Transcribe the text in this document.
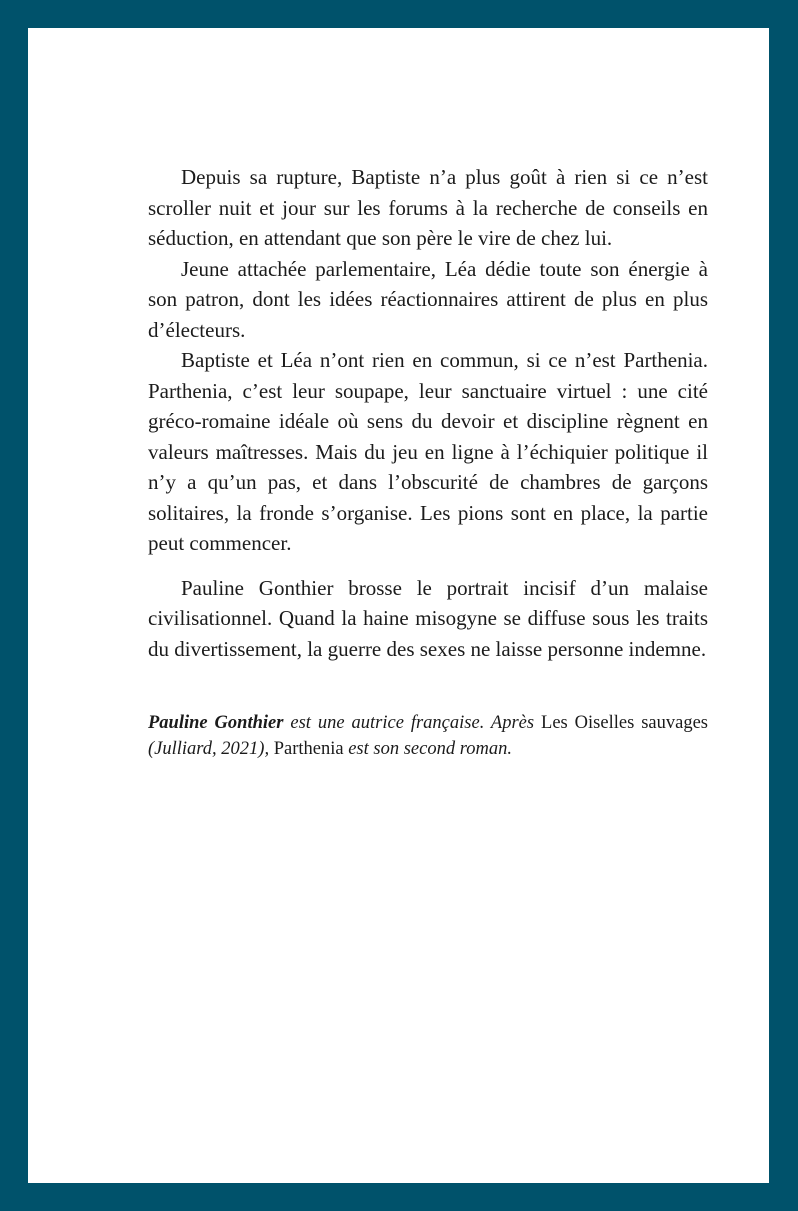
Depuis sa rupture, Baptiste n’a plus goût à rien si ce n’est scroller nuit et jour sur les forums à la recherche de conseils en séduction, en attendant que son père le vire de chez lui.

Jeune attachée parlementaire, Léa dédie toute son énergie à son patron, dont les idées réactionnaires attirent de plus en plus d’électeurs.

Baptiste et Léa n’ont rien en commun, si ce n’est Parthenia. Parthenia, c’est leur soupape, leur sanctuaire virtuel : une cité gréco-romaine idéale où sens du devoir et discipline règnent en valeurs maîtresses. Mais du jeu en ligne à l’échiquier politique il n’y a qu’un pas, et dans l’obscurité de chambres de garçons solitaires, la fronde s’organise. Les pions sont en place, la partie peut commencer.

Pauline Gonthier brosse le portrait incisif d’un malaise civilisationnel. Quand la haine misogyne se diffuse sous les traits du divertissement, la guerre des sexes ne laisse personne indemne.

Pauline Gonthier est une autrice française. Après Les Oiselles sauvages (Julliard, 2021), Parthenia est son second roman.
